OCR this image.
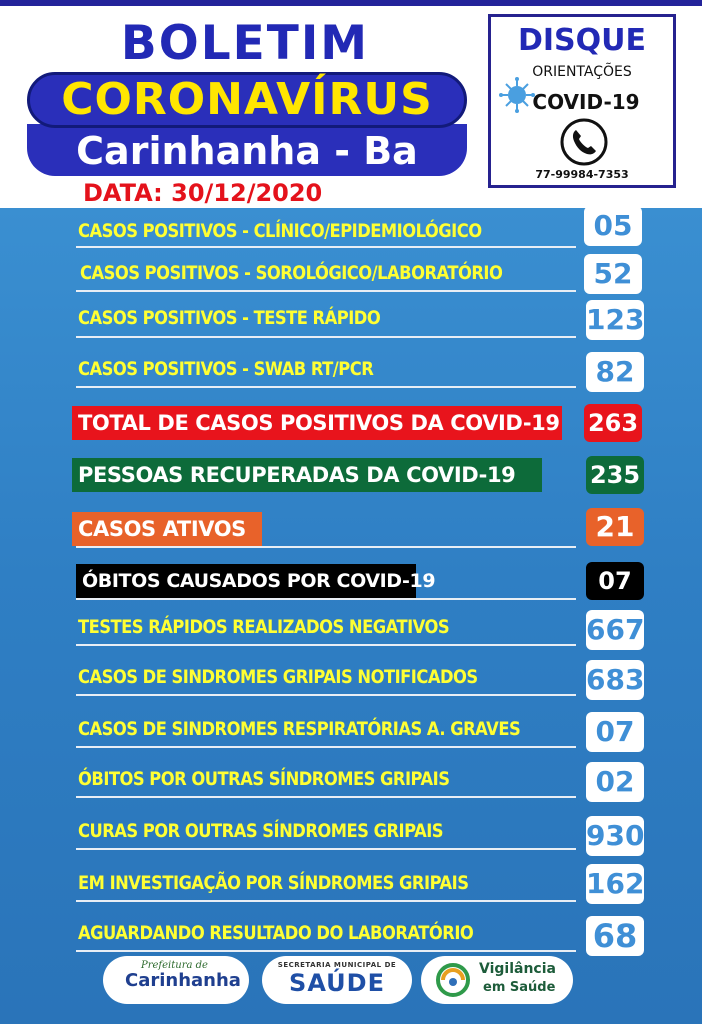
BOLETIM
Carinhanha - Ba
CORONAVÍRUS
DATA: 30/12/2020
DISQUE
ORIENTAÇÕES
COVID-19
77-99984-7353
CASOS POSITIVOS - CLÍNICO/EPIDEMIOLÓGICO	05
CASOS POSITIVOS - SOROLÓGICO/LABORATÓRIO	52
CASOS POSITIVOS - TESTE RÁPIDO	123
CASOS POSITIVOS - SWAB RT/PCR	82
TOTAL DE CASOS POSITIVOS DA COVID-19 263
PESSOAS RECUPERADAS DA COVID-19	235
CASOS ATIVOS	21
ÓBITOS CAUSADOS POR COVID-19	07
TESTES RÁPIDOS REALIZADOS NEGATIVOS	667
CASOS DE SINDROMES GRIPAIS NOTIFICADOS	683
CASOS DE SINDROMES RESPIRATÓRIAS A. GRAVES	07
ÓBITOS POR OUTRAS SÍNDROMES GRIPAIS	02
CURAS POR OUTRAS SÍNDROMES GRIPAIS	930
EM INVESTIGAÇÃO POR SÍNDROMES GRIPAIS	162
AGUARDANDO RESULTADO DO LABORATÓRIO	68
Prefeitura de
Carinhanha
SECRETARIA MUNICIPAL DE
SAÚDE	Vigilância
em Saúde
